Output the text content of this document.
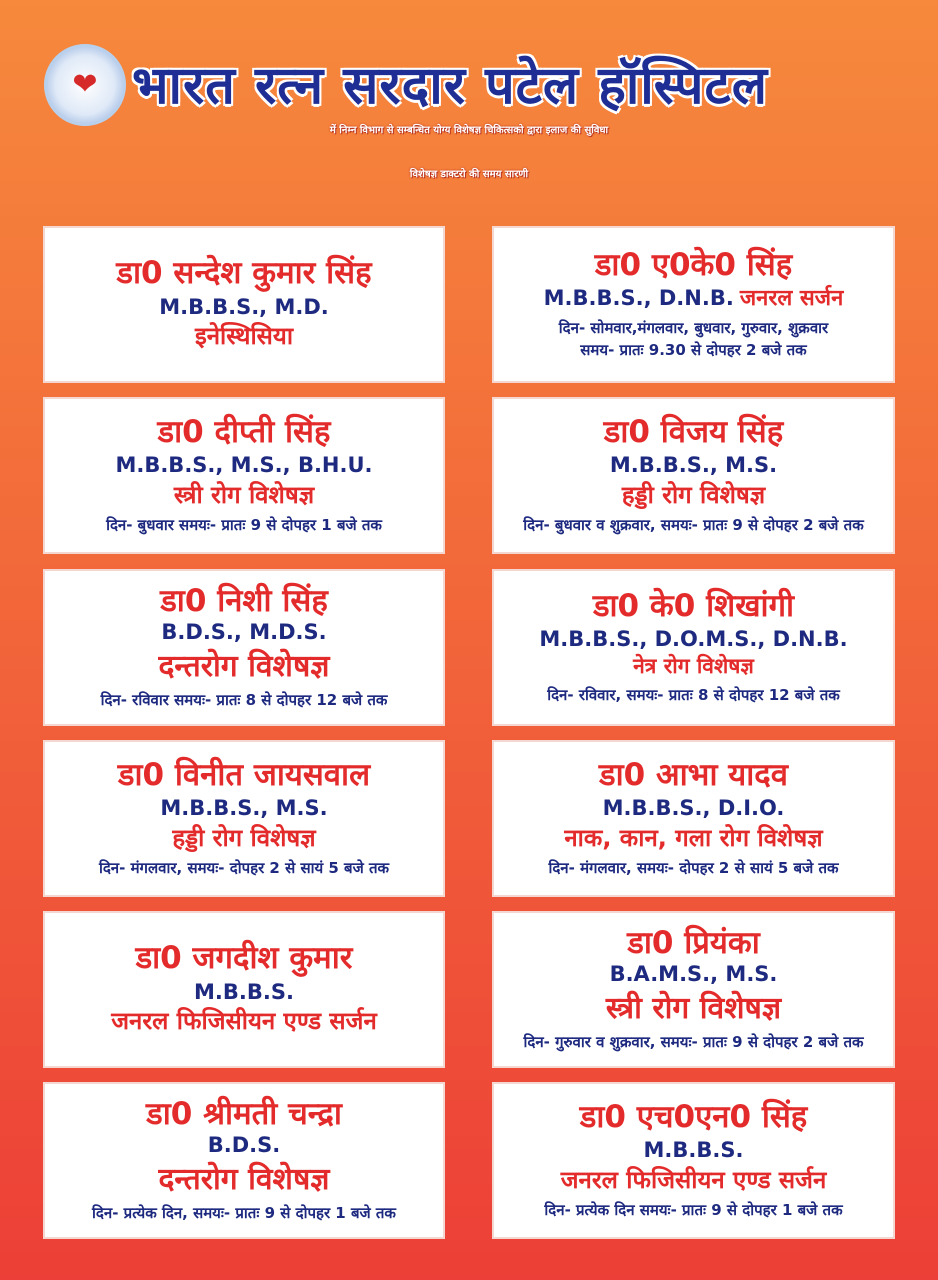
❤ भारत रत्न सरदार पटेल हॉस्पिटल
में निम्न विभाग से सम्बन्धित योग्य विशेषज्ञ चिकित्सको द्वारा इलाज की सुविधा
विशेषज्ञ डाक्टरो की समय सारणी
डा0 सन्देश कुमार सिंह
M.B.B.S., M.D.
इनेस्थिसिया
डा0 ए0के0 सिंह
M.B.B.S., D.N.B. जनरल सर्जन
दिन- सोमवार,मंगलवार, बुधवार, गुरुवार, शुक्रवार
समय- प्रातः 9.30 से दोपहर 2 बजे तक
डा0 दीप्ती सिंह
M.B.B.S., M.S., B.H.U.
स्त्री रोग विशेषज्ञ
दिन- बुधवार समयः- प्रातः 9 से दोपहर 1 बजे तक
डा0 विजय सिंह
M.B.B.S., M.S.
हड्डी रोग विशेषज्ञ
दिन- बुधवार व शुक्रवार, समयः- प्रातः 9 से दोपहर 2 बजे तक
डा0 निशी सिंह
B.D.S., M.D.S.
दन्तरोग विशेषज्ञ
दिन- रविवार समयः- प्रातः 8 से दोपहर 12 बजे तक
डा0 के0 शिखांगी
M.B.B.S., D.O.M.S., D.N.B.
नेत्र रोग विशेषज्ञ
दिन- रविवार, समयः- प्रातः 8 से दोपहर 12 बजे तक
डा0 विनीत जायसवाल
M.B.B.S., M.S.
हड्डी रोग विशेषज्ञ
दिन- मंगलवार, समयः- दोपहर 2 से सायं 5 बजे तक
डा0 आभा यादव
M.B.B.S., D.I.O.
नाक, कान, गला रोग विशेषज्ञ
दिन- मंगलवार, समयः- दोपहर 2 से सायं 5 बजे तक
डा0 जगदीश कुमार
M.B.B.S.
जनरल फिजिसीयन एण्ड सर्जन
डा0 प्रियंका
B.A.M.S., M.S.
स्त्री रोग विशेषज्ञ
दिन- गुरुवार व शुक्रवार, समयः- प्रातः 9 से दोपहर 2 बजे तक
डा0 श्रीमती चन्द्रा
B.D.S.
दन्तरोग विशेषज्ञ
दिन- प्रत्येक दिन, समयः- प्रातः 9 से दोपहर 1 बजे तक
डा0 एच0एन0 सिंह
M.B.B.S.
जनरल फिजिसीयन एण्ड सर्जन
दिन- प्रत्येक दिन समयः- प्रातः 9 से दोपहर 1 बजे तक
